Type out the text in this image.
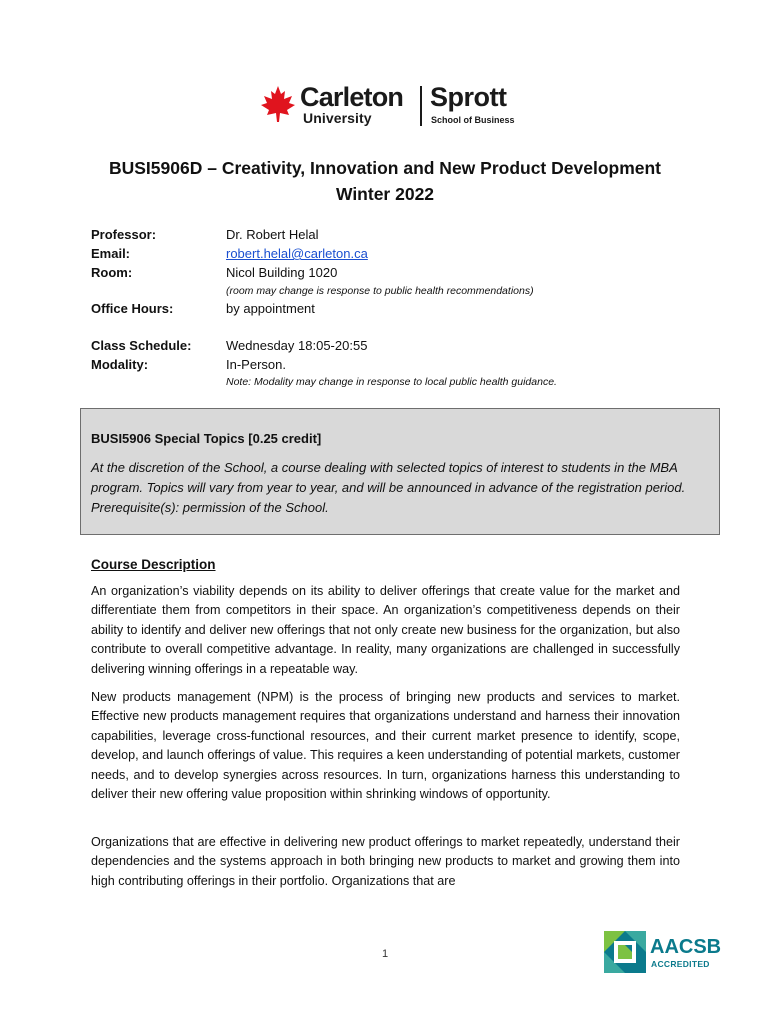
Carleton
University
Sprott
School of Business
BUSI5906D – Creativity, Innovation and New Product Development
Winter 2022
Professor:	Dr. Robert Helal
Email:	robert.helal@carleton.ca
Room:	Nicol Building 1020
(room may change is response to public health recommendations)
Office Hours:	by appointment
Class Schedule:	Wednesday 18:05-20:55
Modality:	In-Person.
Note: Modality may change in response to local public health guidance.
BUSI5906 Special Topics [0.25 credit]
At the discretion of the School, a course dealing with selected topics of interest to students in the MBA program. Topics will vary from year to year, and will be announced in advance of the registration period. Prerequisite(s): permission of the School.
Course Description
An organization’s viability depends on its ability to deliver offerings that create value for the market and differentiate them from competitors in their space. An organization’s competitiveness depends on their ability to identify and deliver new offerings that not only create new business for the organization, but also contribute to overall competitive advantage. In reality, many organizations are challenged in successfully delivering winning offerings in a repeatable way.
New products management (NPM) is the process of bringing new products and services to market. Effective new products management requires that organizations understand and harness their innovation capabilities, leverage cross-functional resources, and their current market presence to identify, scope, develop, and launch offerings of value. This requires a keen understanding of potential markets, customer needs, and to develop synergies across resources. In turn, organizations harness this understanding to deliver their new offering value proposition within shrinking windows of opportunity.
Organizations that are effective in delivering new product offerings to market repeatedly, understand their dependencies and the systems approach in both bringing new products to market and growing them into high contributing offerings in their portfolio. Organizations that are
1	AACSB
ACCREDITED
